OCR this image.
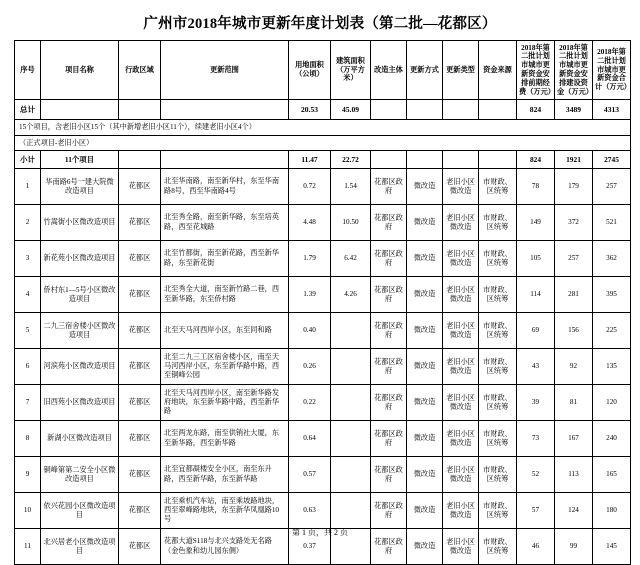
广州市2018年城市更新年度计划表（第二批—花都区）
序号	项目名称	行政区域	更新范围	用地面积（公顷）	建筑面积（万平方米）	改造主体	更新方式	更新类型	资金来源	2018年第二批计划市城市更新资金安排前期经费（万元）	2018年第二批计划市城市更新资金安排建设资金（万元）	2018年第二批计划市城市更新资金合计（万元）
总计				20.53	45.09					824	3489	4313
15个项目，含老旧小区15个（其中新增老旧小区11个），续建老旧小区4个）												
（正式项目-老旧小区）												
小计	11个项目			11.47	22.72					824	1921	2745
1	华南路6号一建大院微改造项目	花都区	北至华南路，南至新华村，东至华南路8号，西至华南路4号	0.72	1.54	花都区政府	微改造	老旧小区微改造	市财政、区统筹	78	179	257
2	竹嵩街小区微改造项目	花都区	北至秀全路，南至新华路，东至培英路，西至花城路	4.48	10.50	花都区政府	微改造	老旧小区微改造	市财政、区统筹	149	372	521
3	新花苑小区微改造项目	花都区	北至竹都街，南至新花路，西至新华路，东至新花街	1.79	6.42	花都区政府	微改造	老旧小区微改造	市财政、区统筹	105	257	362
4	侨村东1—5号小区微改造项目	花都区	北至秀全大道，南至新竹路二巷，西至新华路，东至侨村路	1.39	4.26	花都区政府	微改造	老旧小区微改造	市财政、区统筹	114	281	395
5	二九三宿舍楼小区微改造项目	花都区	北至天马河西岸小区，东至同和路	0.40		花都区政府	微改造	老旧小区微改造	市财政、区统筹	69	156	225
6	河滨苑小区微改造项目	花都区	北至二九三工区宿舍楼小区，南至天马河西岸小区，东至新华路中路，西至铜峰公园	0.26		花都区政府	微改造	老旧小区微改造	市财政、区统筹	43	92	135
7	旧西苑小区微改造项目	花都区	北至天马河西岸小区，南至新华路发府地块，东至新华路中路，西至新华路	0.22		花都区政府	微改造	老旧小区微改造	市财政、区统筹	39	81	120
8	新湖小区微改造项目	花都区	北至两龙东路，南至供销社大厦，东至新华路，西至新华路	0.64		花都区政府	微改造	老旧小区微改造	市财政、区统筹	73	167	240
9	铜峰第第二安全小区微改造项目	花都区	北至宜都凝楼安全小区，南至东升路，西至新华路，东至新华路	0.57		花都区政府	微改造	老旧小区微改造	市财政、区统筹	52	113	165
10	依兴花园小区微改造项目	花都区	北至乘机汽车站，南至乘坡路地块，西至翠峰路地块，东至新华凤凰路10号	0.63		花都区政府	微改造	老旧小区微改造	市财政、区统筹	57	124	180
11	北兴居老小区微改造项目	花都区	花都大道S118与北兴支路处无名路（金色象和幼儿园东侧）	0.37		花都区政府	微改造	老旧小区微改造	市财政、区统筹	46	99	145
第 1 页，共 2 页
